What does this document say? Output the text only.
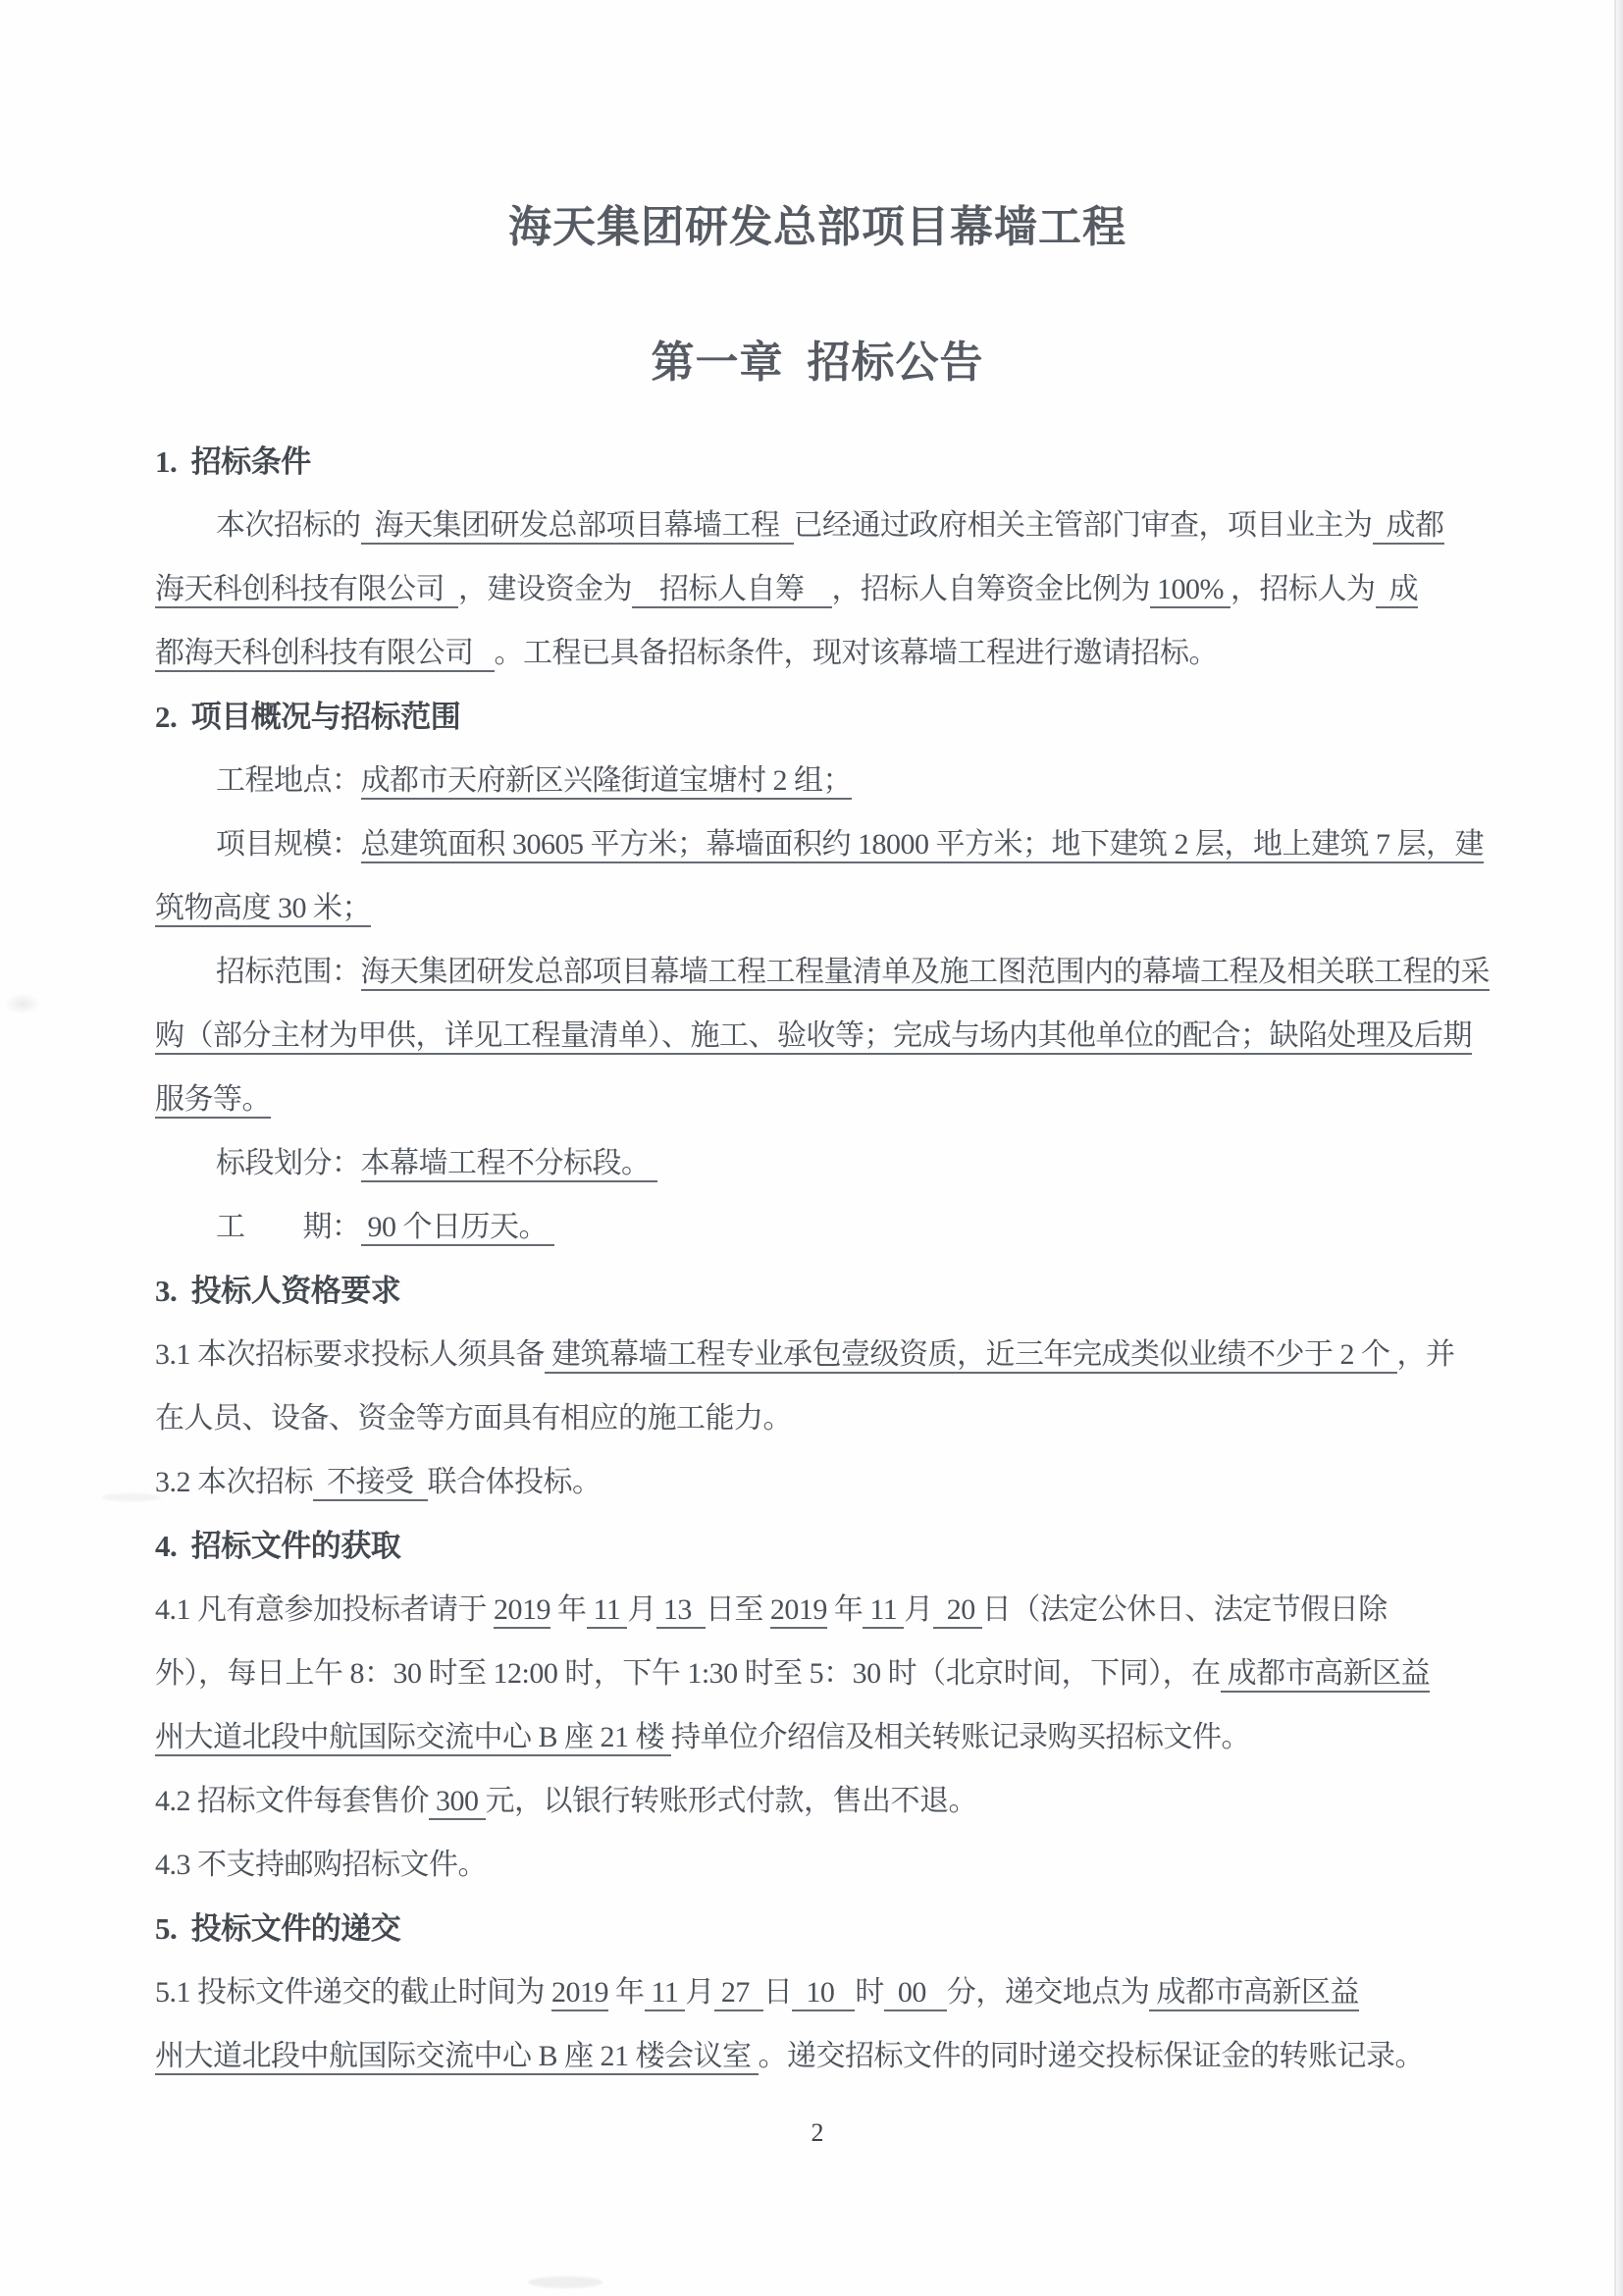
海天集团研发总部项目幕墙工程
第一章  招标公告
1.  招标条件
本次招标的  海天集团研发总部项目幕墙工程  已经通过政府相关主管部门审查，项目业主为  成都
海天科创科技有限公司  ，建设资金为    招标人自筹    ，招标人自筹资金比例为 100% ，招标人为  成
都海天科创科技有限公司   。工程已具备招标条件，现对该幕墙工程进行邀请招标。
2.  项目概况与招标范围
工程地点：成都市天府新区兴隆街道宝塘村 2 组；
项目规模：总建筑面积 30605 平方米；幕墙面积约 18000 平方米；地下建筑 2 层，地上建筑 7 层，建
筑物高度 30 米；
招标范围：海天集团研发总部项目幕墙工程工程量清单及施工图范围内的幕墙工程及相关联工程的采
购（部分主材为甲供，详见工程量清单）、施工、验收等；完成与场内其他单位的配合；缺陷处理及后期
服务等。
标段划分：本幕墙工程不分标段。
工　　期： 90 个日历天。
3.  投标人资格要求
3.1 本次招标要求投标人须具备 建筑幕墙工程专业承包壹级资质，近三年完成类似业绩不少于 2 个 ，并
在人员、设备、资金等方面具有相应的施工能力。
3.2 本次招标  不接受  联合体投标。
4.  招标文件的获取
4.1 凡有意参加投标者请于 2019 年 11 月 13  日至 2019 年 11 月  20 日（法定公休日、法定节假日除
外），每日上午 8：30 时至 12:00 时，下午 1:30 时至 5：30 时（北京时间，下同），在 成都市高新区益
州大道北段中航国际交流中心 B 座 21 楼 持单位介绍信及相关转账记录购买招标文件。
4.2 招标文件每套售价 300 元，以银行转账形式付款，售出不退。
4.3 不支持邮购招标文件。
5.  投标文件的递交
5.1 投标文件递交的截止时间为 2019 年 11 月 27  日  10   时  00   分，递交地点为 成都市高新区益
州大道北段中航国际交流中心 B 座 21 楼会议室 。递交招标文件的同时递交投标保证金的转账记录。
2
